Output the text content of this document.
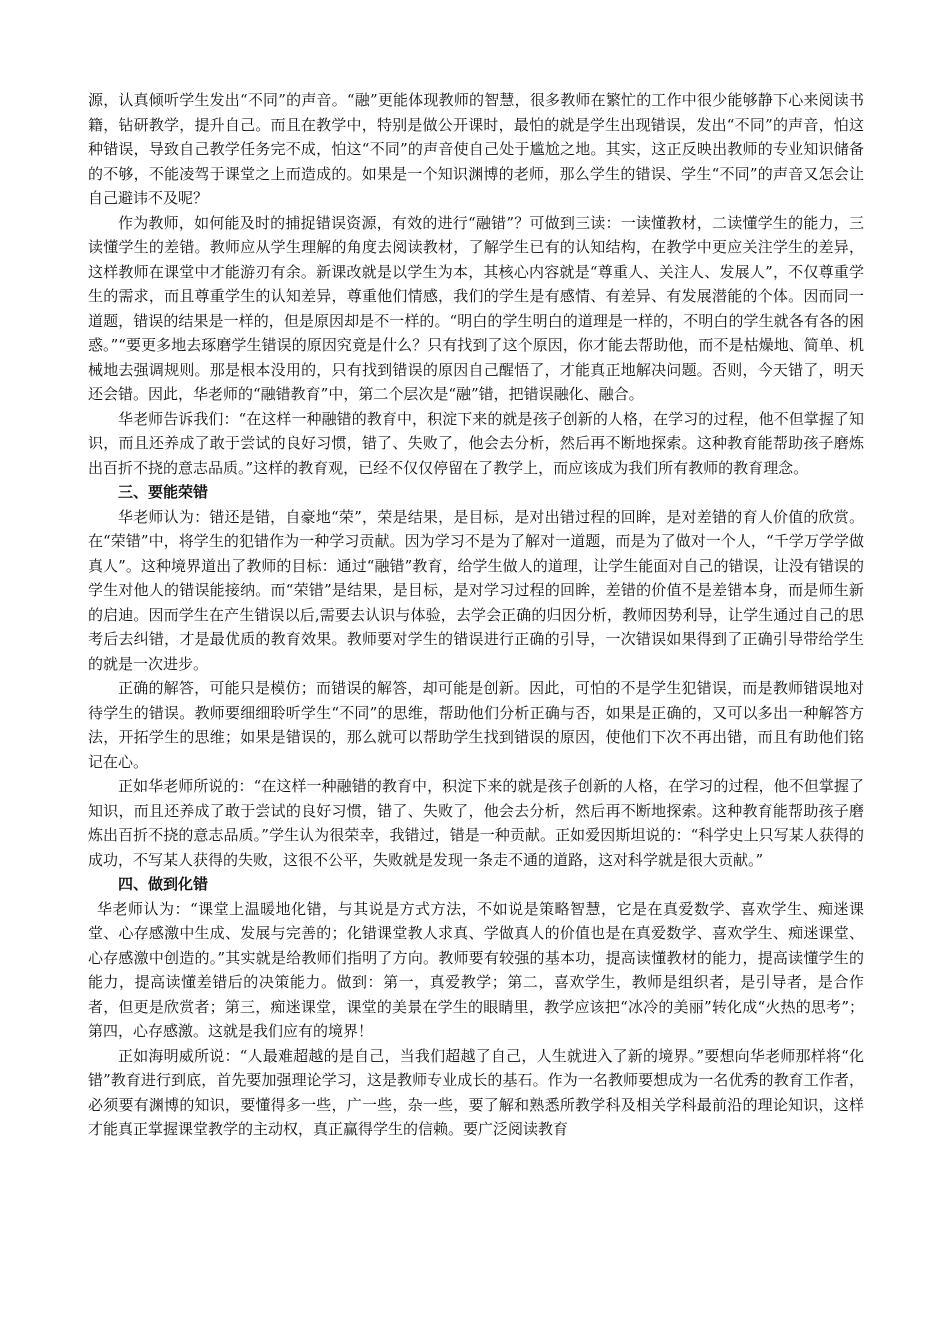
源，认真倾听学生发出“不同”的声音。“融”更能体现教师的智慧，很多教师在繁忙的工作中很少能够静下心来阅读书籍，钻研教学，提升自己。而且在教学中，特别是做公开课时，最怕的就是学生出现错误，发出“不同”的声音，怕这种错误，导致自己教学任务完不成，怕这“不同”的声音使自己处于尴尬之地。其实，这正反映出教师的专业知识储备的不够，不能凌驾于课堂之上而造成的。如果是一个知识渊博的老师，那么学生的错误、学生“不同”的声音又怎会让自己避讳不及呢？

作为教师，如何能及时的捕捉错误资源，有效的进行“融错”？可做到三读：一读懂教材，二读懂学生的能力，三读懂学生的差错。教师应从学生理解的角度去阅读教材，了解学生已有的认知结构，在教学中更应关注学生的差异，这样教师在课堂中才能游刃有余。新课改就是以学生为本，其核心内容就是“尊重人、关注人、发展人”，不仅尊重学生的需求，而且尊重学生的认知差异，尊重他们情感，我们的学生是有感情、有差异、有发展潜能的个体。因而同一道题，错误的结果是一样的，但是原因却是不一样的。“明白的学生明白的道理是一样的，不明白的学生就各有各的困惑。”“要更多地去琢磨学生错误的原因究竟是什么？只有找到了这个原因，你才能去帮助他，而不是枯燥地、简单、机械地去强调规则。那是根本没用的，只有找到错误的原因自己醒悟了，才能真正地解决问题。否则，今天错了，明天还会错。因此，华老师的“融错教育”中，第二个层次是“融”错，把错误融化、融合。

华老师告诉我们：“在这样一种融错的教育中，积淀下来的就是孩子创新的人格，在学习的过程，他不但掌握了知识，而且还养成了敢于尝试的良好习惯，错了、失败了，他会去分析，然后再不断地探索。这种教育能帮助孩子磨炼出百折不挠的意志品质。”这样的教育观，已经不仅仅停留在了教学上，而应该成为我们所有教师的教育理念。

三、要能荣错

华老师认为：错还是错，自豪地“荣”，荣是结果，是目标，是对出错过程的回眸，是对差错的育人价值的欣赏。在“荣错”中，将学生的犯错作为一种学习贡献。因为学习不是为了解对一道题，而是为了做对一个人，“千学万学学做真人”。这种境界道出了教师的目标：通过“融错”教育，给学生做人的道理，让学生能面对自己的错误，让没有错误的学生对他人的错误能接纳。而“荣错”是结果，是目标，是对学习过程的回眸，差错的价值不是差错本身，而是师生新的启迪。因而学生在产生错误以后,需要去认识与体验，去学会正确的归因分析，教师因势利导，让学生通过自己的思考后去纠错，才是最优质的教育效果。教师要对学生的错误进行正确的引导，一次错误如果得到了正确引导带给学生的就是一次进步。

正确的解答，可能只是模仿；而错误的解答，却可能是创新。因此，可怕的不是学生犯错误，而是教师错误地对待学生的错误。教师要细细聆听学生“不同”的思维，帮助他们分析正确与否，如果是正确的，又可以多出一种解答方法，开拓学生的思维；如果是错误的，那么就可以帮助学生找到错误的原因，使他们下次不再出错，而且有助他们铭记在心。

正如华老师所说的：“在这样一种融错的教育中，积淀下来的就是孩子创新的人格，在学习的过程，他不但掌握了知识，而且还养成了敢于尝试的良好习惯，错了、失败了，他会去分析，然后再不断地探索。这种教育能帮助孩子磨炼出百折不挠的意志品质。”学生认为很荣幸，我错过，错是一种贡献。正如爱因斯坦说的：“科学史上只写某人获得的成功，不写某人获得的失败，这很不公平，失败就是发现一条走不通的道路，这对科学就是很大贡献。”

四、做到化错

华老师认为：“课堂上温暖地化错，与其说是方式方法，不如说是策略智慧，它是在真爱数学、喜欢学生、痴迷课堂、心存感激中生成、发展与完善的；化错课堂教人求真、学做真人的价值也是在真爱数学、喜欢学生、痴迷课堂、心存感激中创造的。”其实就是给教师们指明了方向。教师要有较强的基本功，提高读懂教材的能力，提高读懂学生的能力，提高读懂差错后的决策能力。做到：第一，真爱教学；第二，喜欢学生，教师是组织者，是引导者，是合作者，但更是欣赏者；第三，痴迷课堂，课堂的美景在学生的眼睛里，教学应该把“冰冷的美丽”转化成“火热的思考”；第四，心存感激。这就是我们应有的境界！

正如海明威所说：“人最难超越的是自己，当我们超越了自己，人生就进入了新的境界。”要想向华老师那样将“化错”教育进行到底，首先要加强理论学习，这是教师专业成长的基石。作为一名教师要想成为一名优秀的教育工作者，必须要有渊博的知识，要懂得多一些，广一些，杂一些，要了解和熟悉所教学科及相关学科最前沿的理论知识，这样才能真正掌握课堂教学的主动权，真正赢得学生的信赖。要广泛阅读教育
